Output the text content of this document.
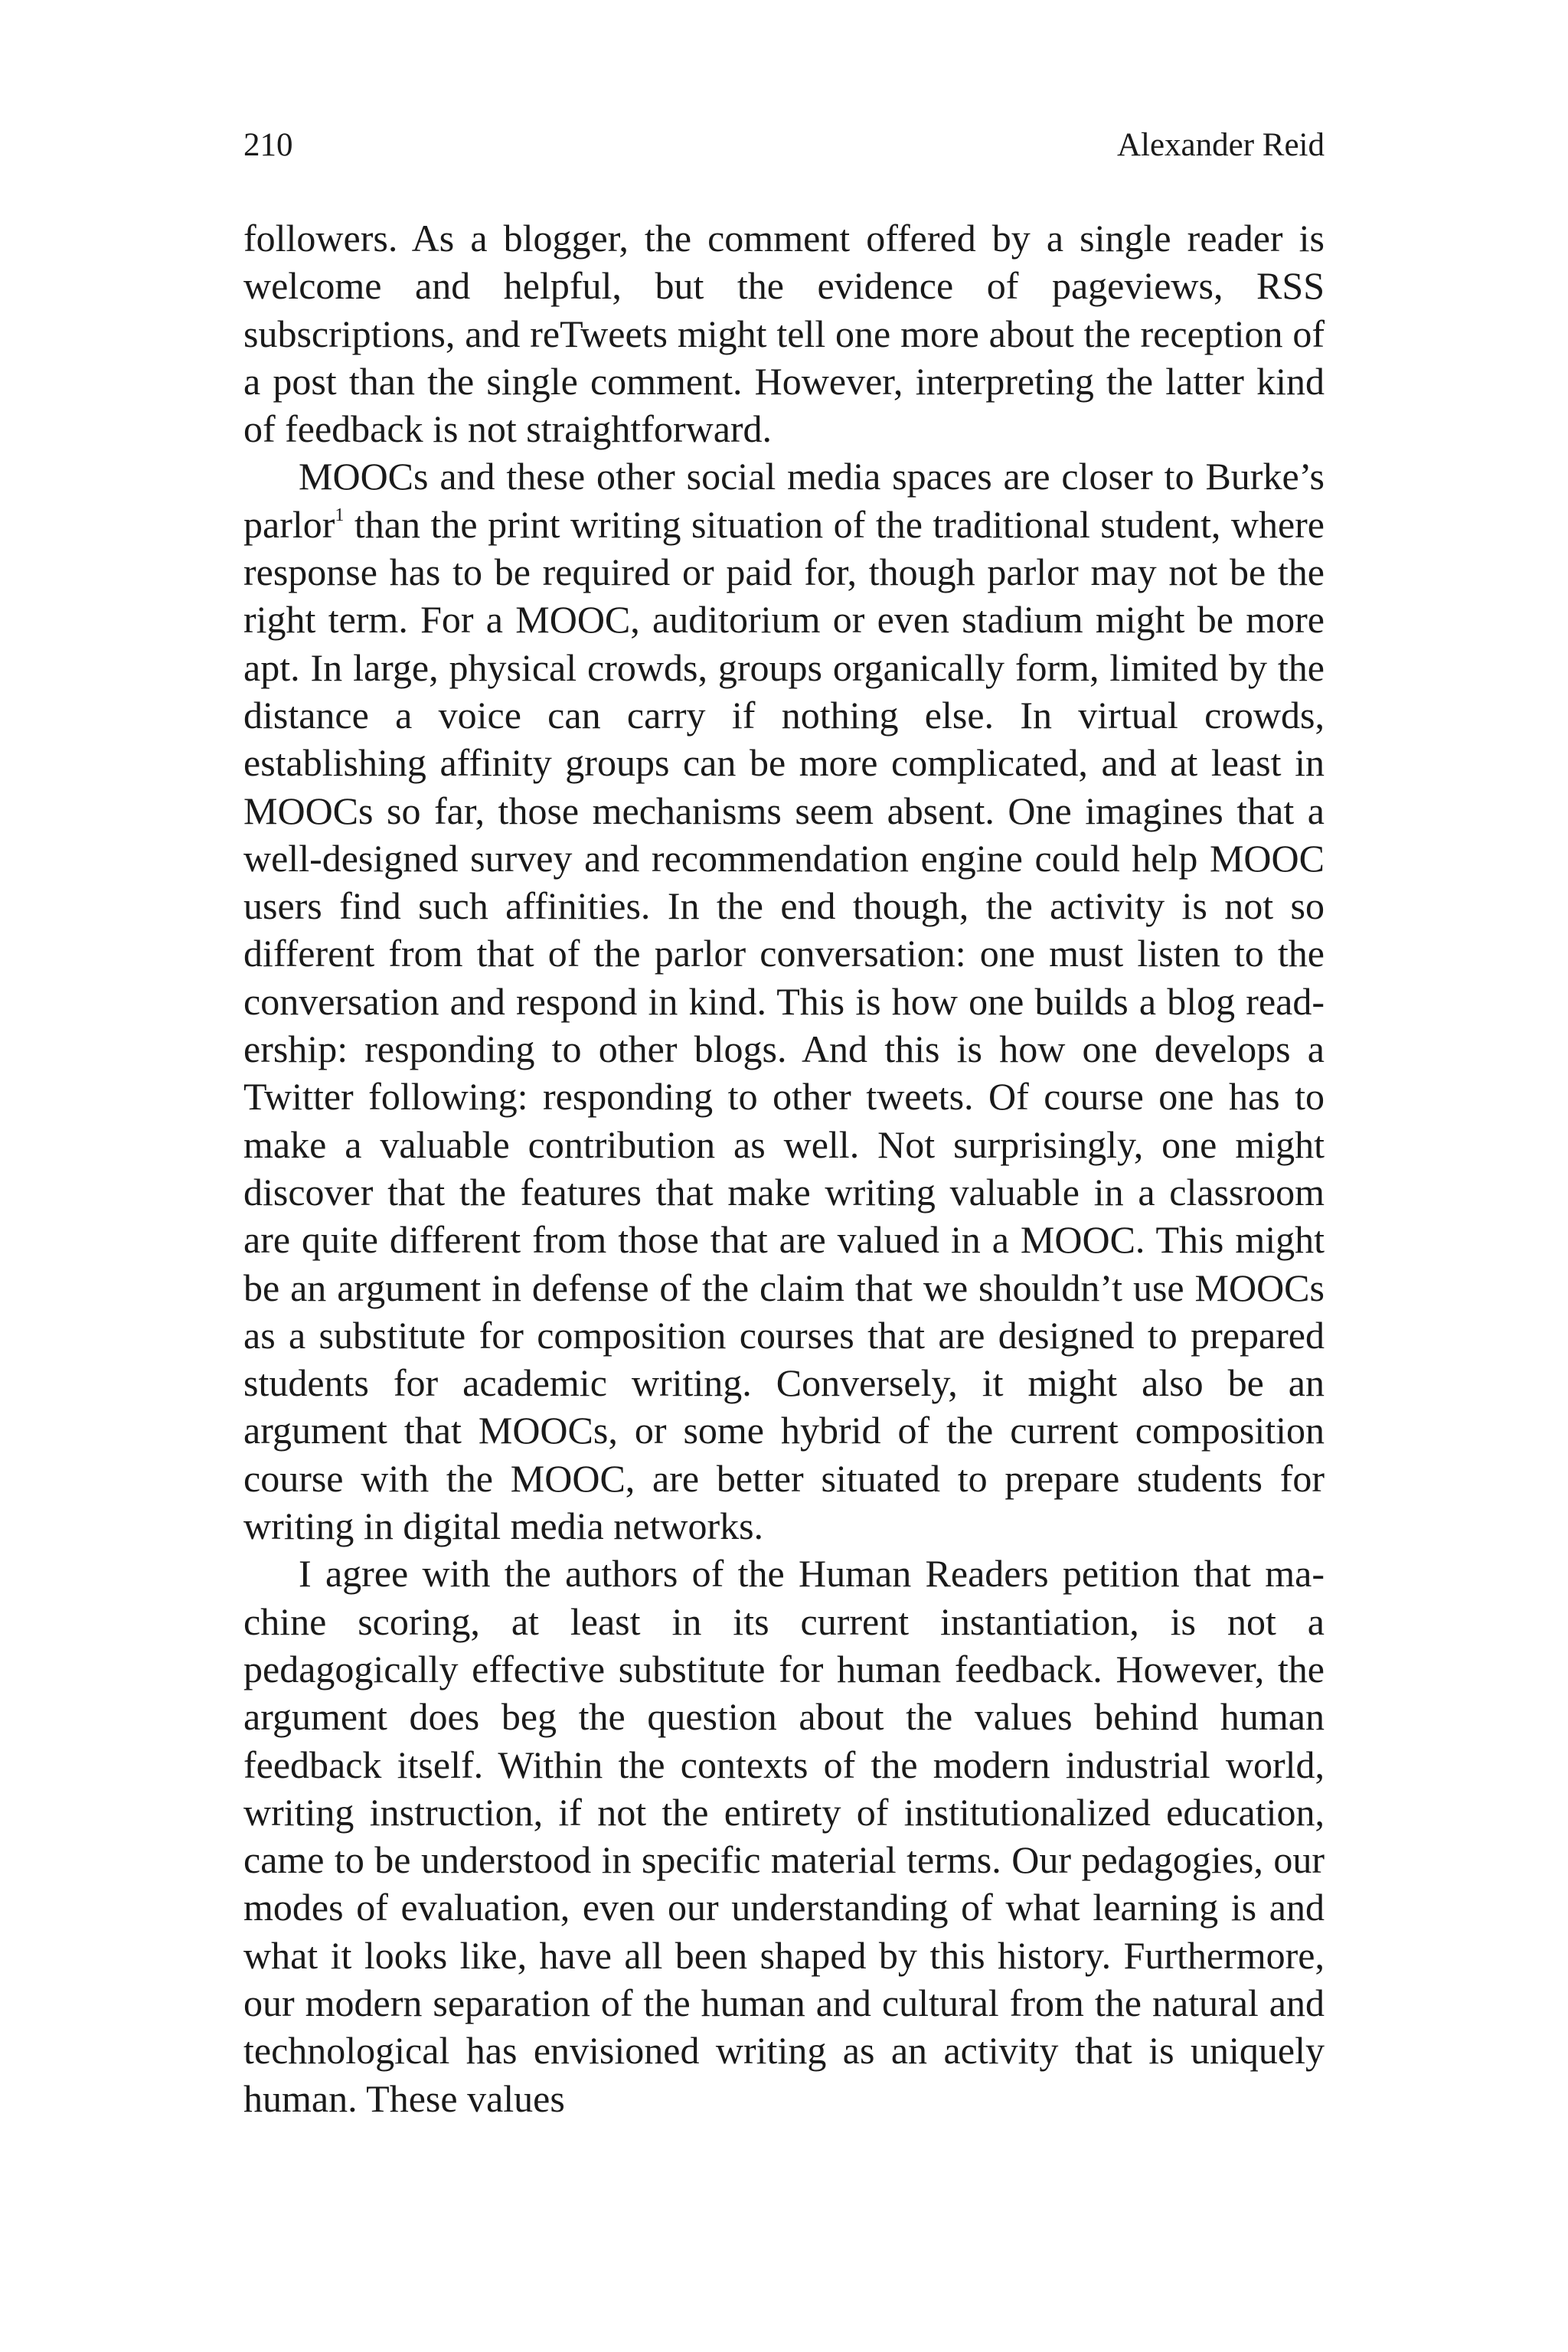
210	Alexander Reid

followers. As a blogger, the comment offered by a single reader is welcome and helpful, but the evidence of pageviews, RSS subscriptions, and reTweets might tell one more about the reception of a post than the single comment. However, interpreting the latter kind of feedback is not straightforward.

MOOCs and these other social media spaces are closer to Burke’s parlor$^1$ than the print writing situation of the traditional student, where response has to be required or paid for, though parlor may not be the right term. For a MOOC, auditorium or even stadium might be more apt. In large, physical crowds, groups organically form, limited by the distance a voice can carry if nothing else. In virtual crowds, establishing affinity groups can be more complicated, and at least in MOOCs so far, those mechanisms seem absent. One imagines that a well-designed survey and recommendation engine could help MOOC users find such affinities. In the end though, the activity is not so different from that of the parlor conversation: one must listen to the conversation and respond in kind. This is how one builds a blog readership: responding to other blogs. And this is how one develops a Twitter following: responding to other tweets. Of course one has to make a valuable contribution as well. Not surprisingly, one might discover that the features that make writing valuable in a classroom are quite different from those that are valued in a MOOC. This might be an argument in defense of the claim that we shouldn’t use MOOCs as a substitute for composition courses that are designed to prepared students for academic writing. Conversely, it might also be an argument that MOOCs, or some hybrid of the current composition course with the MOOC, are better situated to prepare students for writing in digital media networks.

I agree with the authors of the Human Readers petition that machine scoring, at least in its current instantiation, is not a pedagogically effective substitute for human feedback. However, the argument does beg the question about the values behind human feedback itself. Within the contexts of the modern industrial world, writing instruction, if not the entirety of institutionalized education, came to be understood in specific material terms. Our pedagogies, our modes of evaluation, even our understanding of what learning is and what it looks like, have all been shaped by this history. Furthermore, our modern separation of the human and cultural from the natural and technological has envisioned writing as an activity that is uniquely human. These values
